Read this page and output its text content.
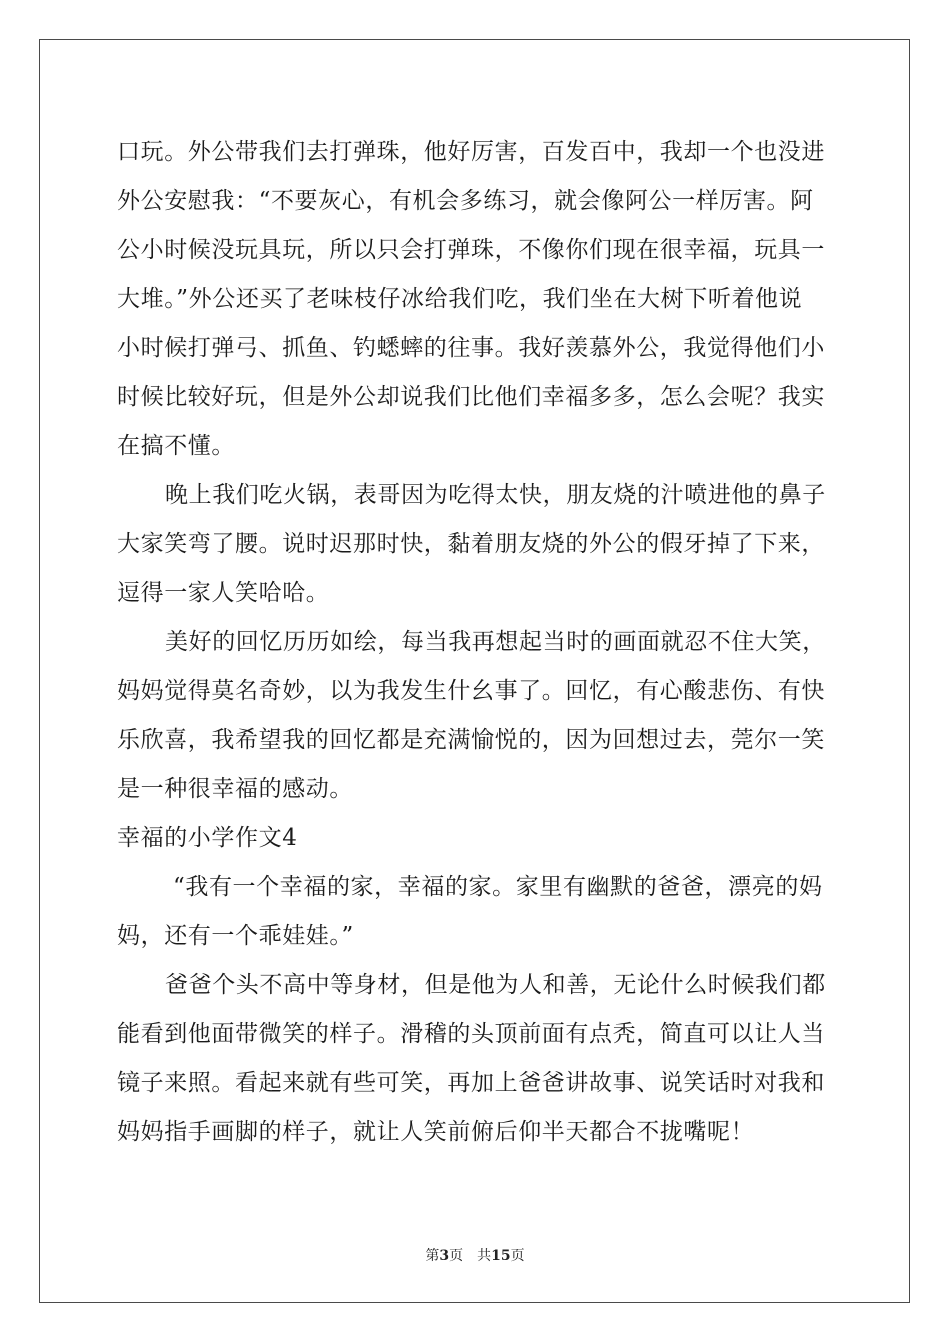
口玩。外公带我们去打弹珠，他好厉害，百发百中，我却一个也没进
外公安慰我：“不要灰心，有机会多练习，就会像阿公一样厉害。阿
公小时候没玩具玩，所以只会打弹珠，不像你们现在很幸福，玩具一
大堆。”外公还买了老味枝仔冰给我们吃，我们坐在大树下听着他说
小时候打弹弓、抓鱼、钓蟋蟀的往事。我好羡慕外公，我觉得他们小
时候比较好玩，但是外公却说我们比他们幸福多多，怎么会呢？我实
在搞不懂。
晚上我们吃火锅，表哥因为吃得太快，朋友烧的汁喷进他的鼻子
大家笑弯了腰。说时迟那时快，黏着朋友烧的外公的假牙掉了下来，
逗得一家人笑哈哈。
美好的回忆历历如绘，每当我再想起当时的画面就忍不住大笑，
妈妈觉得莫名奇妙，以为我发生什幺事了。回忆，有心酸悲伤、有快
乐欣喜，我希望我的回忆都是充满愉悦的，因为回想过去，莞尔一笑
是一种很幸福的感动。
幸福的小学作文4
“我有一个幸福的家，幸福的家。家里有幽默的爸爸，漂亮的妈
妈，还有一个乖娃娃。”
爸爸个头不高中等身材，但是他为人和善，无论什么时候我们都
能看到他面带微笑的样子。滑稽的头顶前面有点秃，简直可以让人当
镜子来照。看起来就有些可笑，再加上爸爸讲故事、说笑话时对我和
妈妈指手画脚的样子，就让人笑前俯后仰半天都合不拢嘴呢！
第3页 共15页
